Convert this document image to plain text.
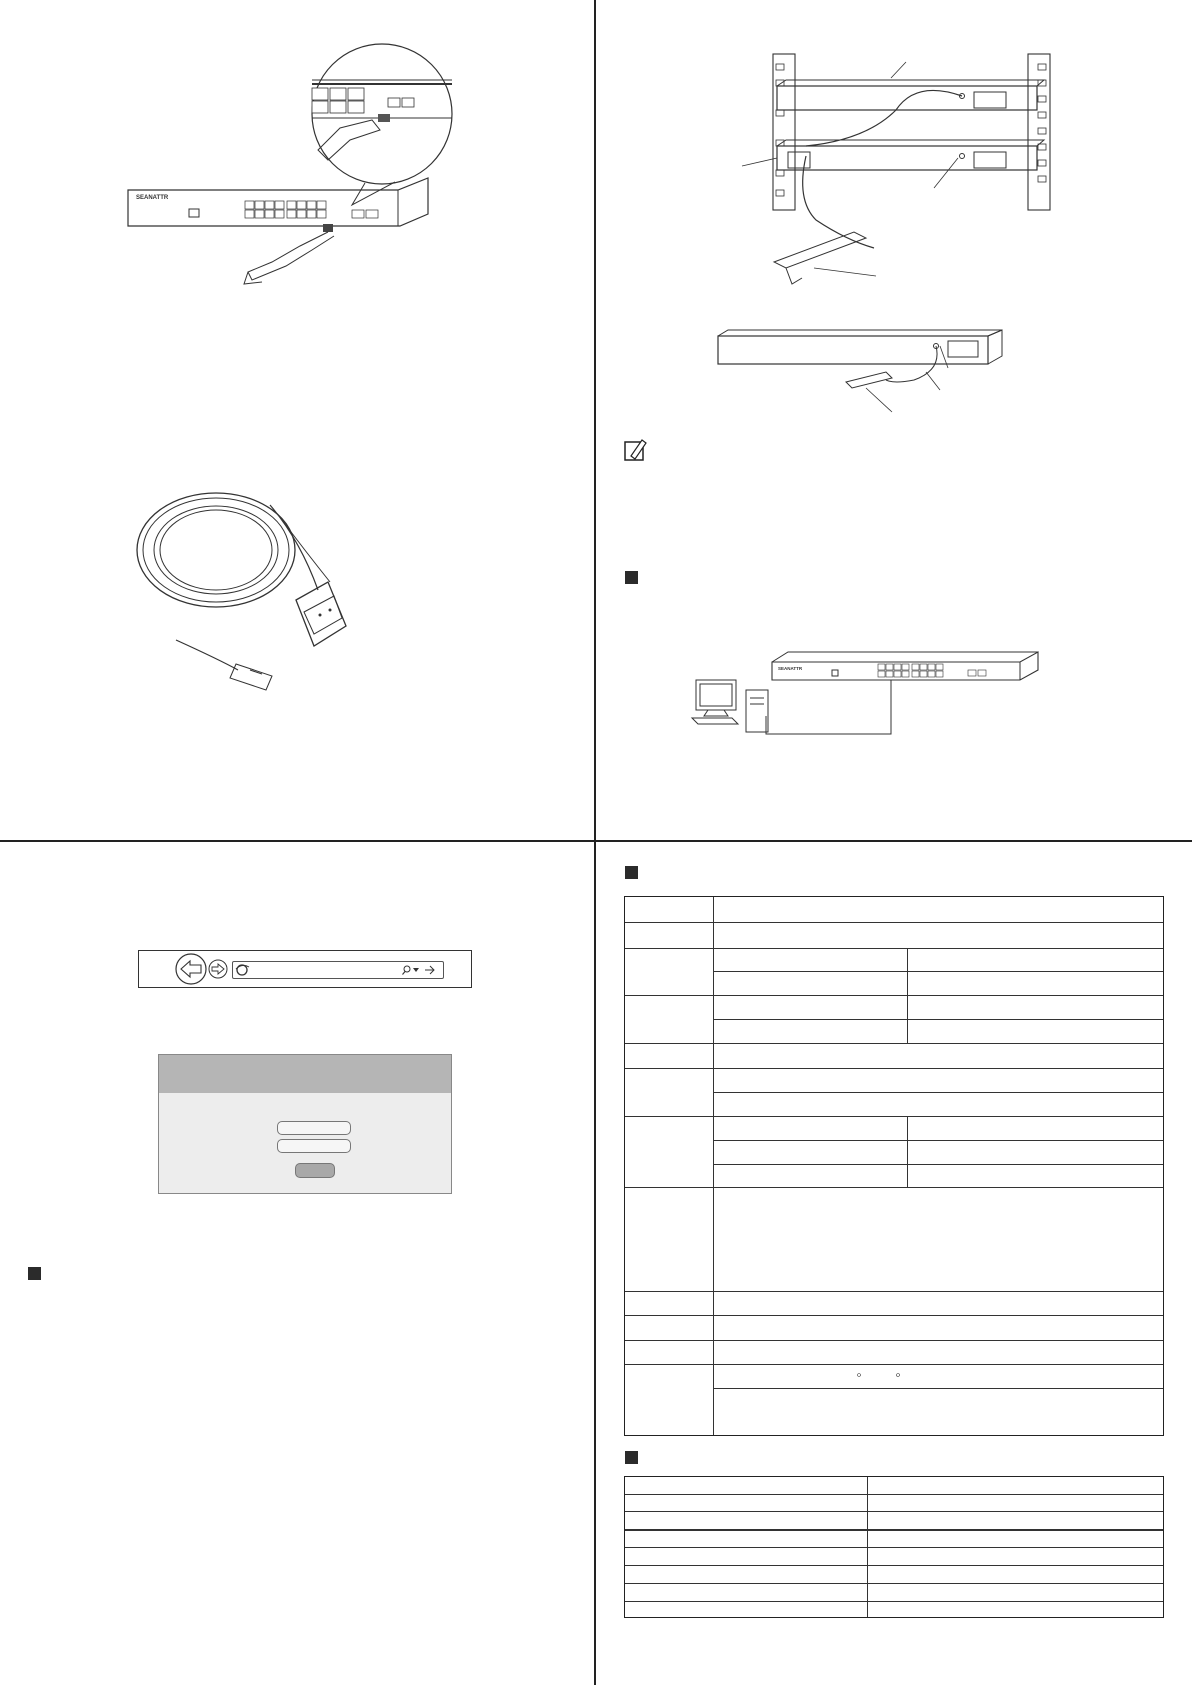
SEANATTR
SEANATTR
